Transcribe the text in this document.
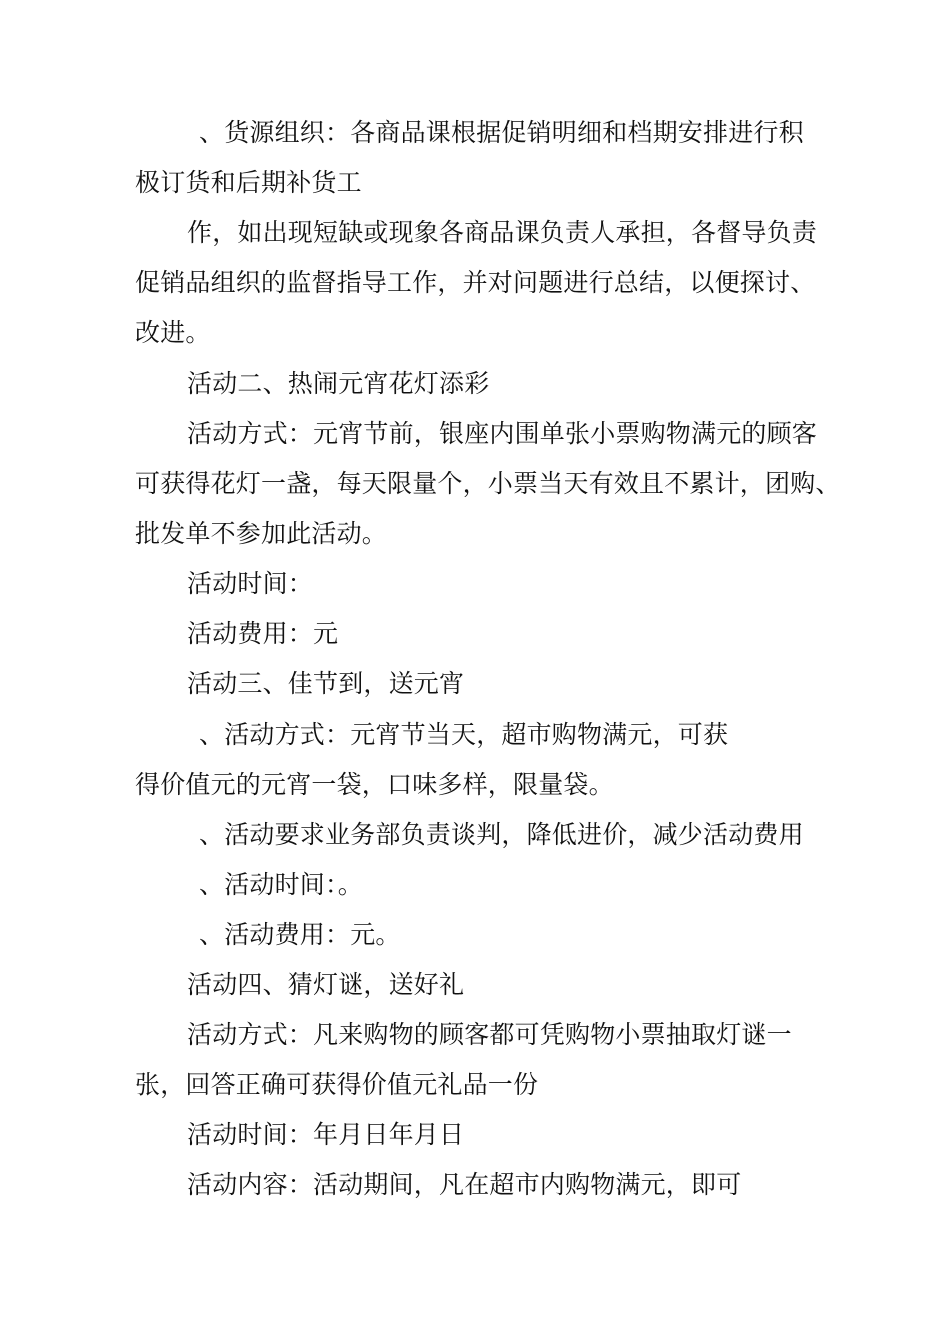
、货源组织：各商品课根据促销明细和档期安排进行积
极订货和后期补货工
作，如出现短缺或现象各商品课负责人承担，各督导负责
促销品组织的监督指导工作，并对问题进行总结，以便探讨、
改进。
活动二、热闹元宵花灯添彩
活动方式：元宵节前，银座内围单张小票购物满元的顾客
可获得花灯一盏，每天限量个，小票当天有效且不累计，团购、
批发单不参加此活动。
活动时间：
活动费用：元
活动三、佳节到，送元宵
、活动方式：元宵节当天，超市购物满元，可获
得价值元的元宵一袋，口味多样，限量袋。
、活动要求业务部负责谈判，降低进价，减少活动费用
、活动时间：。
、活动费用：元。
活动四、猜灯谜，送好礼
活动方式：凡来购物的顾客都可凭购物小票抽取灯谜一
张，回答正确可获得价值元礼品一份
活动时间：年月日年月日
活动内容：活动期间，凡在超市内购物满元，即可
